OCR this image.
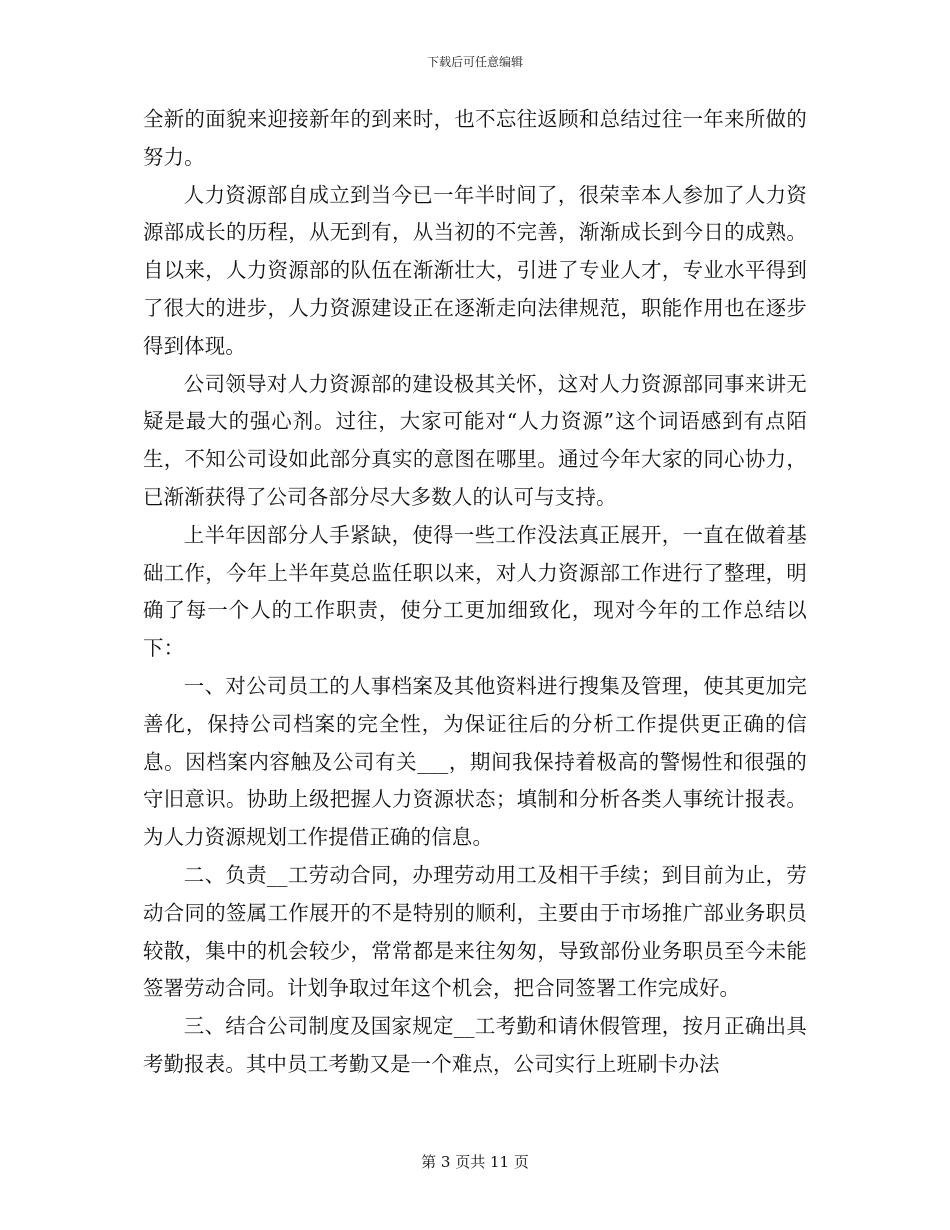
下载后可任意编辑

全新的面貌来迎接新年的到来时，也不忘往返顾和总结过往一年来所做的努力。

人力资源部自成立到当今已一年半时间了，很荣幸本人参加了人力资源部成长的历程，从无到有，从当初的不完善，渐渐成长到今日的成熟。自以来，人力资源部的队伍在渐渐壮大，引进了专业人才，专业水平得到了很大的进步，人力资源建设正在逐渐走向法律规范，职能作用也在逐步得到体现。

公司领导对人力资源部的建设极其关怀，这对人力资源部同事来讲无疑是最大的强心剂。过往，大家可能对“人力资源”这个词语感到有点陌生，不知公司设如此部分真实的意图在哪里。通过今年大家的同心协力，已渐渐获得了公司各部分尽大多数人的认可与支持。

上半年因部分人手紧缺，使得一些工作没法真正展开，一直在做着基础工作，今年上半年莫总监任职以来，对人力资源部工作进行了整理，明确了每一个人的工作职责，使分工更加细致化，现对今年的工作总结以下：

一、对公司员工的人事档案及其他资料进行搜集及管理，使其更加完善化，保持公司档案的完全性，为保证往后的分析工作提供更正确的信息。因档案内容触及公司有关___，期间我保持着极高的警惕性和很强的守旧意识。协助上级把握人力资源状态；填制和分析各类人事统计报表。为人力资源规划工作提借正确的信息。

二、负责__工劳动合同，办理劳动用工及相干手续；到目前为止，劳动合同的签属工作展开的不是特别的顺利，主要由于市场推广部业务职员较散，集中的机会较少，常常都是来往匆匆，导致部份业务职员至今未能签署劳动合同。计划争取过年这个机会，把合同签署工作完成好。

三、结合公司制度及国家规定__工考勤和请休假管理，按月正确出具考勤报表。其中员工考勤又是一个难点，公司实行上班刷卡办法

第 3 页共 11 页
